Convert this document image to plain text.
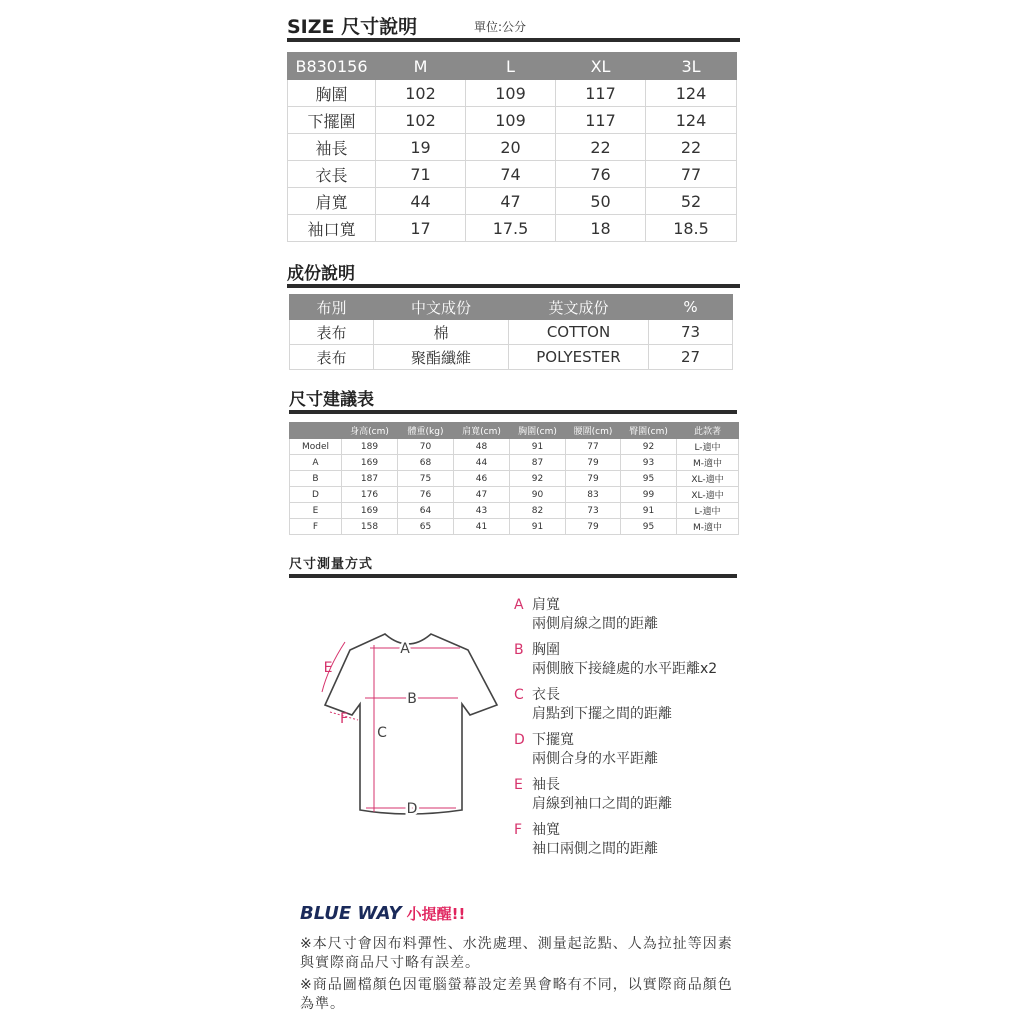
SIZE 尺寸說明	單位:公分
B830156	M	L	XL	3L
胸圍	102	109	117	124
下擺圍	102	109	117	124
袖長	19	20	22	22
衣長	71	74	76	77
肩寬	44	47	50	52
袖口寬	17	17.5	18	18.5
成份說明
布別	中文成份	英文成份	%
表布	棉	COTTON	73
表布	聚酯纖維	POLYESTER	27
尺寸建議表
	身高(cm)	體重(kg)	肩寬(cm)	胸圍(cm)	腰圍(cm)	臀圍(cm)	此款著
Model	189	70	48	91	77	92	L-適中
A	169	68	44	87	79	93	M-適中
B	187	75	46	92	79	95	XL-適中
D	176	76	47	90	83	99	XL-適中
E	169	64	43	82	73	91	L-適中
F	158	65	41	91	79	95	M-適中
尺寸測量方式
A
B
C
D
E
F
A 肩寬
兩側肩線之間的距離
B 胸圍
兩側腋下接縫處的水平距離x2
C 衣長
肩點到下擺之間的距離
D 下擺寬
兩側合身的水平距離
E 袖長
肩線到袖口之間的距離
F 袖寬
袖口兩側之間的距離
BLUE WAY 小提醒!!
※本尺寸會因布料彈性、水洗處理、測量起訖點、人為拉扯等因素與實際商品尺寸略有誤差。
※商品圖檔顏色因電腦螢幕設定差異會略有不同，以實際商品顏色為準。
